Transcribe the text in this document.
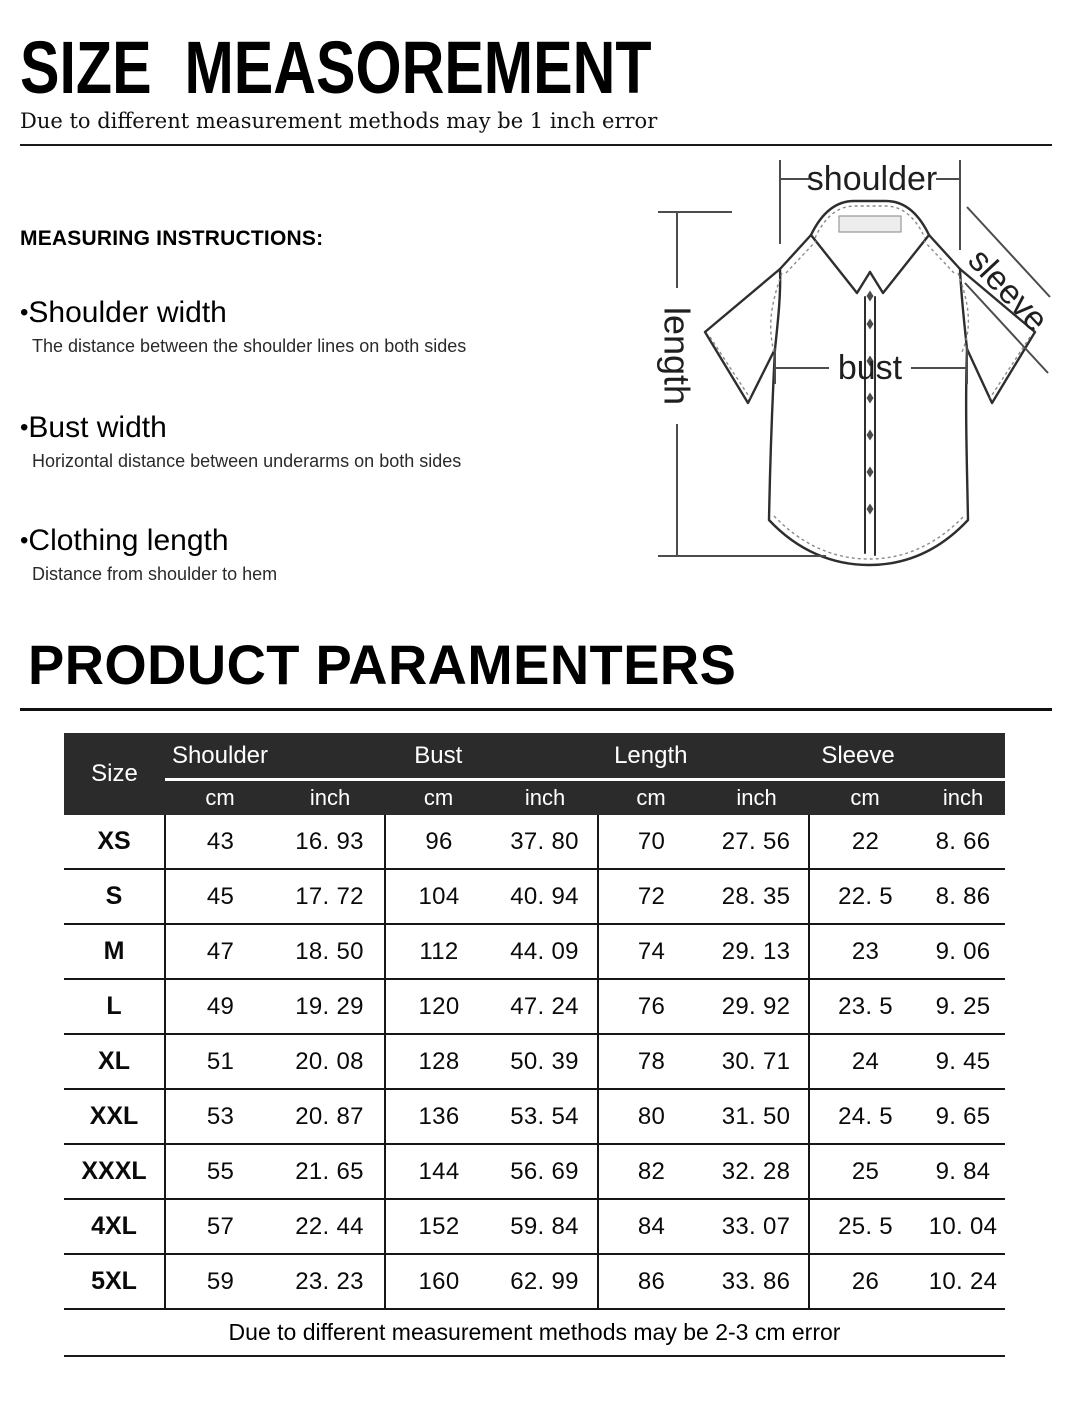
SIZE  MEASOREMENT

Due to different measurement methods may be 1 inch error

MEASURING INSTRUCTIONS:
•Shoulder width
The distance between the shoulder lines on both sides
•Bust width
Horizontal distance between underarms on both sides
•Clothing length
Distance from shoulder to hem
shoulder
length
sleeve
bust
PRODUCT PARAMENTERS
Size	Shoulder		Bust		Length		Sleeve	

	cm	inch	cm	inch	cm	inch	cm	inch
XS	43	16. 93	96	37. 80	70	27. 56	22	8. 66
S	45	17. 72	104	40. 94	72	28. 35	22. 5	8. 86
M	47	18. 50	112	44. 09	74	29. 13	23	9. 06
L	49	19. 29	120	47. 24	76	29. 92	23. 5	9. 25
XL	51	20. 08	128	50. 39	78	30. 71	24	9. 45
XXL	53	20. 87	136	53. 54	80	31. 50	24. 5	9. 65
XXXL	55	21. 65	144	56. 69	82	32. 28	25	9. 84
4XL	57	22. 44	152	59. 84	84	33. 07	25. 5	10. 04
5XL	59	23. 23	160	62. 99	86	33. 86	26	10. 24
Due to different measurement methods may be 2-3 cm error
